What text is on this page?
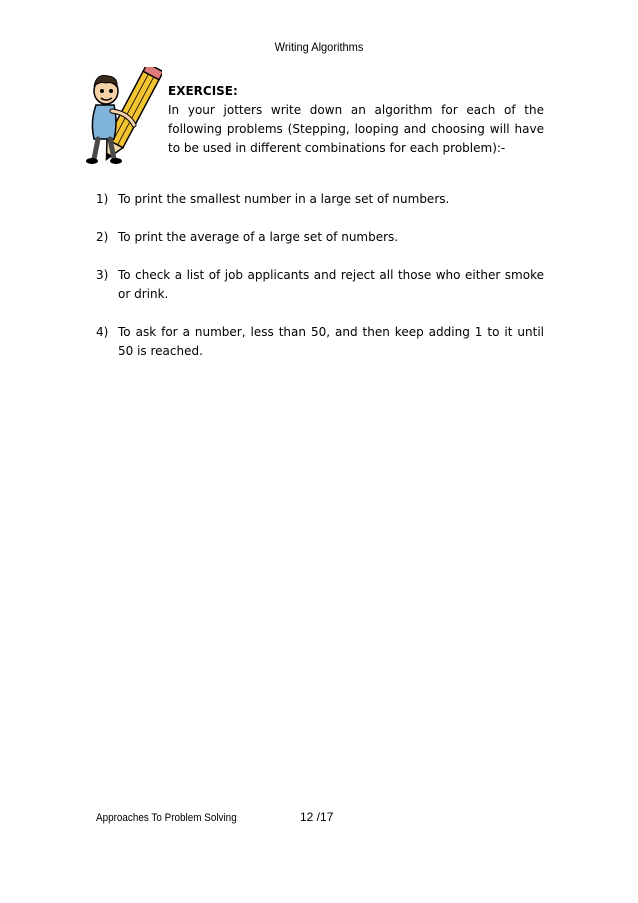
Writing Algorithms
EXERCISE:
In your jotters write down an algorithm for each of the following problems (Stepping, looping and choosing will have to be used in different combinations for each problem):-
1) To print the smallest number in a large set of numbers.
2) To print the average of a large set of numbers.
3) To check a list of job applicants and reject all those who either smoke or drink.
4) To ask for a number, less than 50, and then keep adding 1 to it until 50 is reached.
Approaches To Problem Solving	12 /17
